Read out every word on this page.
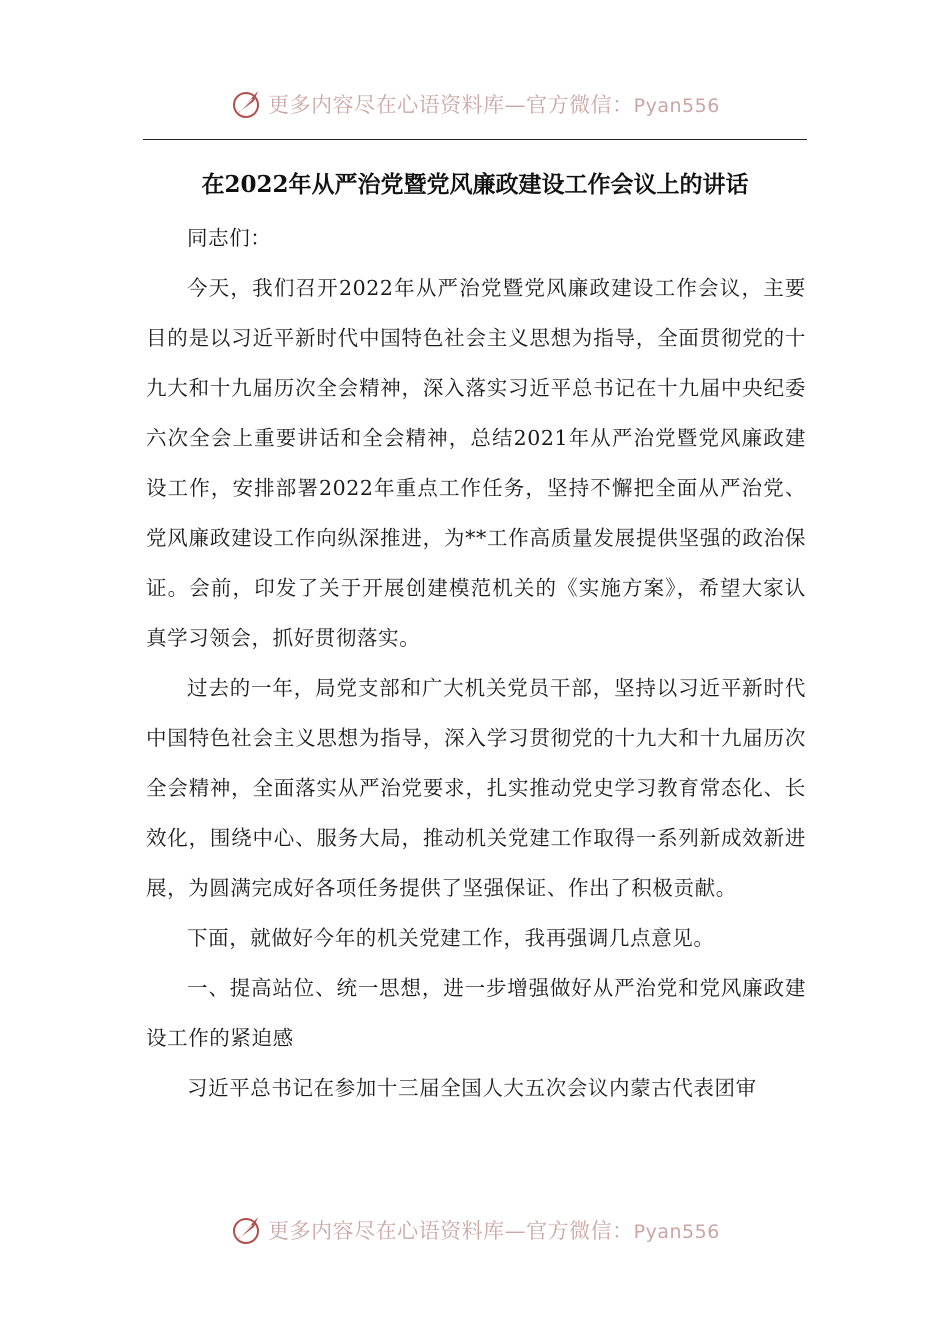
更多内容尽在心语资料库—官方微信：Pyan556
在2022年从严治党暨党风廉政建设工作会议上的讲话

同志们：

今天，我们召开2022年从严治党暨党风廉政建设工作会议，主要目的是以习近平新时代中国特色社会主义思想为指导，全面贯彻党的十九大和十九届历次全会精神，深入落实习近平总书记在十九届中央纪委六次全会上重要讲话和全会精神，总结2021年从严治党暨党风廉政建设工作，安排部署2022年重点工作任务，坚持不懈把全面从严治党、党风廉政建设工作向纵深推进，为**工作高质量发展提供坚强的政治保证。会前，印发了关于开展创建模范机关的《实施方案》，希望大家认真学习领会，抓好贯彻落实。

过去的一年，局党支部和广大机关党员干部，坚持以习近平新时代中国特色社会主义思想为指导，深入学习贯彻党的十九大和十九届历次全会精神，全面落实从严治党要求，扎实推动党史学习教育常态化、长效化，围绕中心、服务大局，推动机关党建工作取得一系列新成效新进展，为圆满完成好各项任务提供了坚强保证、作出了积极贡献。

下面，就做好今年的机关党建工作，我再强调几点意见。

一、提高站位、统一思想，进一步增强做好从严治党和党风廉政建设工作的紧迫感

习近平总书记在参加十三届全国人大五次会议内蒙古代表团审

更多内容尽在心语资料库—官方微信：Pyan556
